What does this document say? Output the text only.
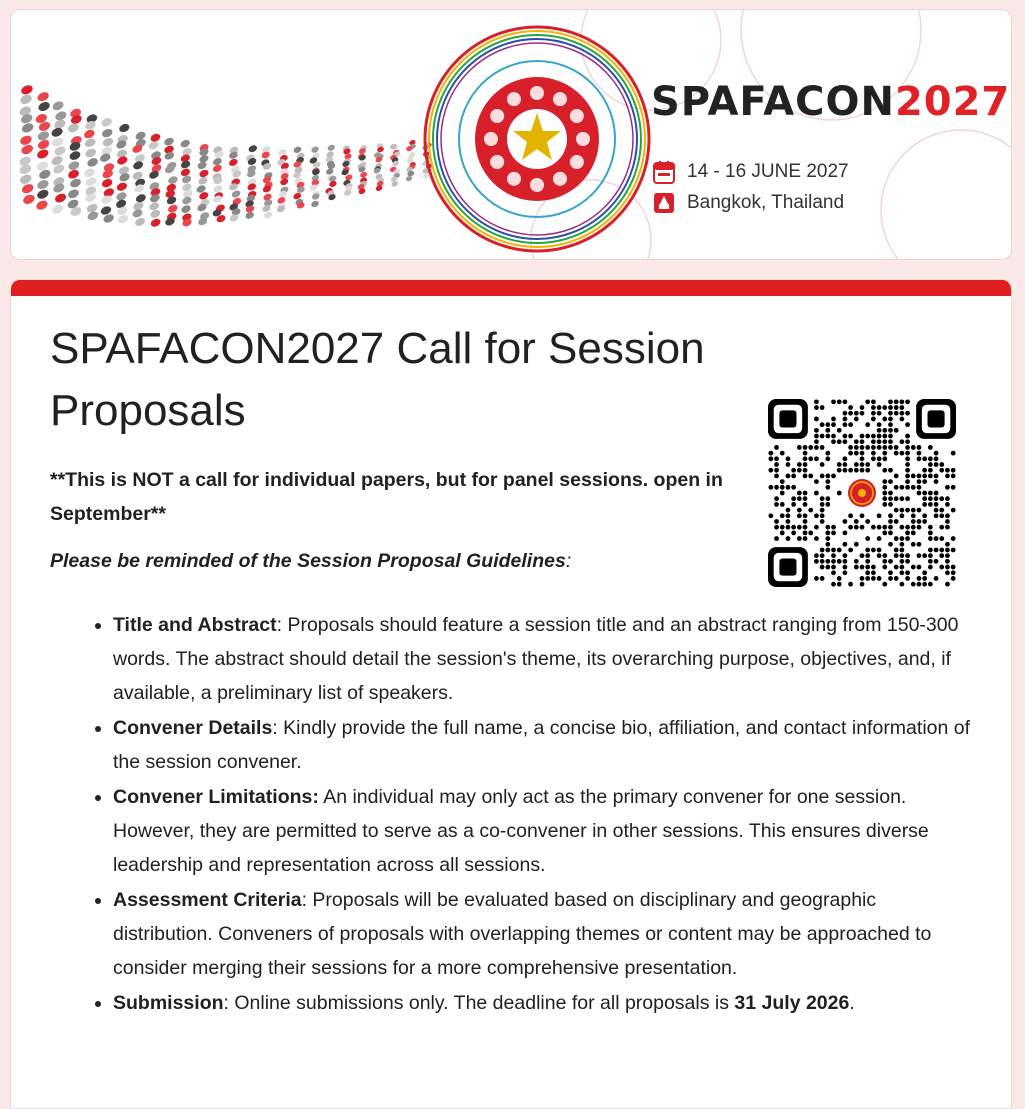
SPAFACON2027
14 - 16 JUNE 2027
Bangkok, Thailand
SPAFACON2027 Call for Session Proposals

**This is NOT a call for individual papers, but for panel sessions. open in September**

Please be reminded of the Session Proposal Guidelines:

• Title and Abstract: Proposals should feature a session title and an abstract ranging from 150-300 words. The abstract should detail the session's theme, its overarching purpose, objectives, and, if available, a preliminary list of speakers.
• Convener Details: Kindly provide the full name, a concise bio, affiliation, and contact information of the session convener.
• Convener Limitations: An individual may only act as the primary convener for one session. However, they are permitted to serve as a co-convener in other sessions. This ensures diverse leadership and representation across all sessions.
• Assessment Criteria: Proposals will be evaluated based on disciplinary and geographic distribution. Conveners of proposals with overlapping themes or content may be approached to consider merging their sessions for a more comprehensive presentation.
• Submission: Online submissions only. The deadline for all proposals is 31 July 2026.
